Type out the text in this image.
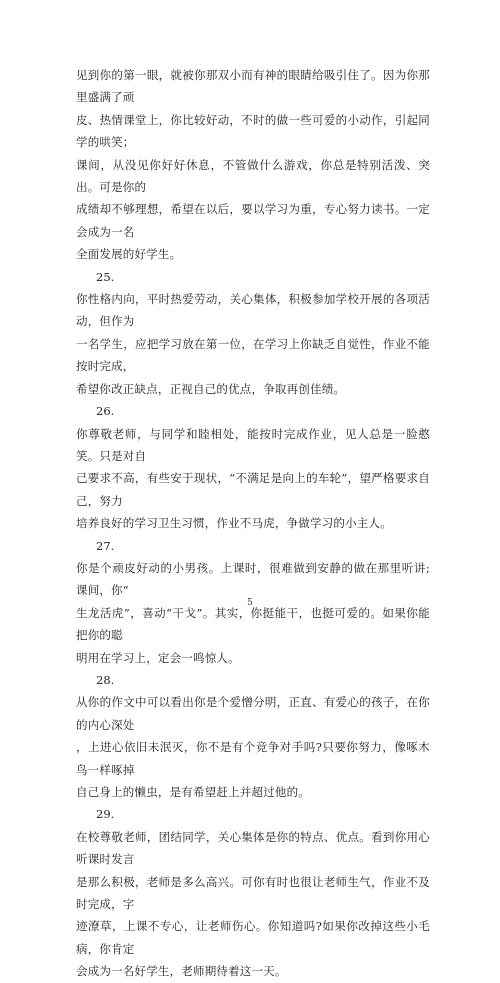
见到你的第一眼，就被你那双小而有神的眼睛给吸引住了。因为你那里盛满了顽

皮、热情课堂上，你比较好动，不时的做一些可爱的小动作，引起同学的哄笑；

课间，从没见你好好休息，不管做什么游戏，你总是特别活泼、突出。可是你的

成绩却不够理想，希望在以后，要以学习为重，专心努力读书。一定会成为一名

全面发展的好学生。

25.

你性格内向，平时热爱劳动，关心集体，积极参加学校开展的各项活动，但作为

一名学生，应把学习放在第一位，在学习上你缺乏自觉性，作业不能按时完成，

希望你改正缺点，正视自己的优点，争取再创佳绩。

26.

你尊敬老师，与同学和睦相处，能按时完成作业，见人总是一脸憨笑。只是对自

己要求不高，有些安于现状，“不满足是向上的车轮”，望严格要求自己，努力

培养良好的学习卫生习惯，作业不马虎，争做学习的小主人。

27.

你是个顽皮好动的小男孩。上课时，很难做到安静的做在那里听讲;课间，你“

生龙活虎”，喜动“干戈”。其实，你挺能干，也挺可爱的。如果你能把你的聪

明用在学习上，定会一鸣惊人。

28.

从你的作文中可以看出你是个爱憎分明，正直、有爱心的孩子，在你的内心深处

，上进心依旧未泯灭，你不是有个竞争对手吗?只要你努力，像啄木鸟一样啄掉

自己身上的懒虫，是有希望赶上并超过他的。

29.

在校尊敬老师，团结同学，关心集体是你的特点、优点。看到你用心听课时发言

是那么积极，老师是多么高兴。可你有时也很让老师生气，作业不及时完成，字

迹潦草，上课不专心，让老师伤心。你知道吗?如果你改掉这些小毛病，你肯定

会成为一名好学生，老师期待着这一天。

5
